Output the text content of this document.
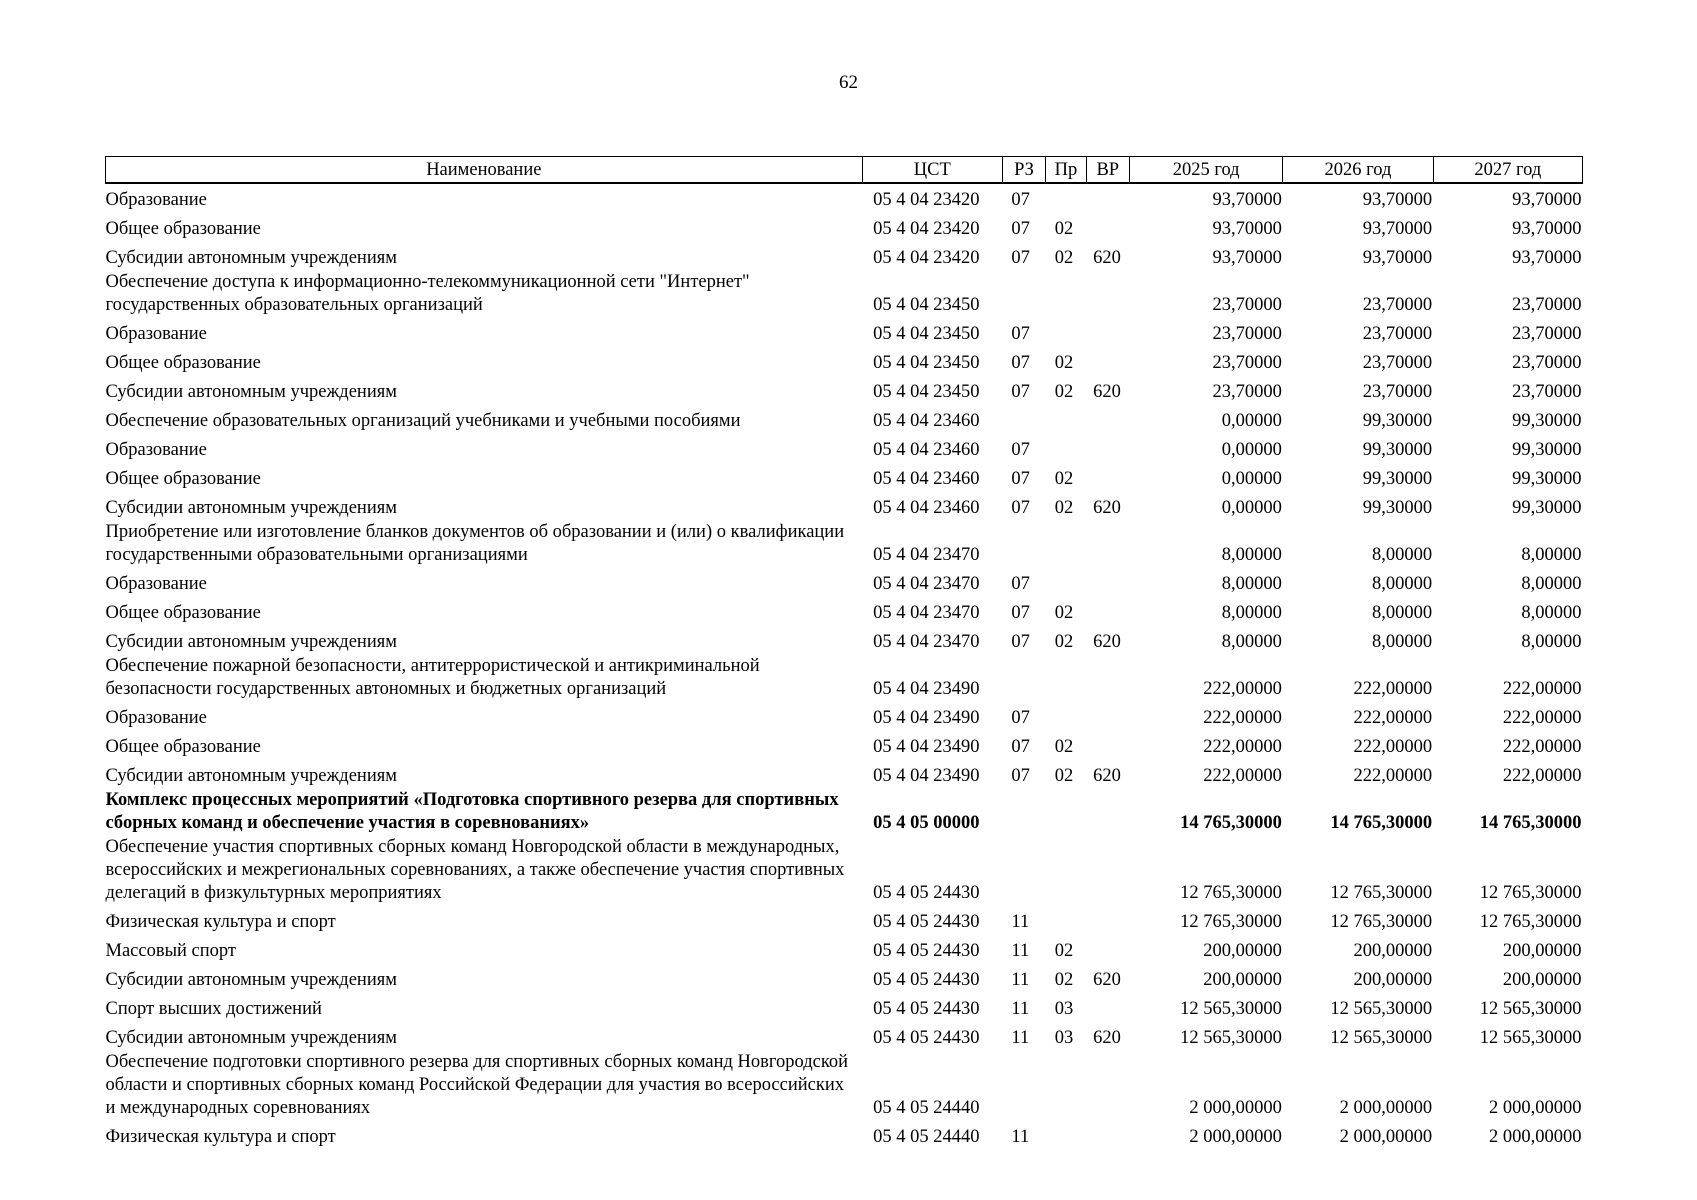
62
Наименование	ЦСТ	РЗ	Пр	ВР	2025 год	2026 год	2027 год
Образование	05 4 04 23420	07			93,70000	93,70000	93,70000
Общее образование	05 4 04 23420	07	02		93,70000	93,70000	93,70000
Субсидии автономным учреждениям	05 4 04 23420	07	02	620	93,70000	93,70000	93,70000
Обеспечение доступа к информационно-телекоммуникационной сети "Интернет" государственных образовательных организаций	05 4 04 23450				23,70000	23,70000	23,70000
Образование	05 4 04 23450	07			23,70000	23,70000	23,70000
Общее образование	05 4 04 23450	07	02		23,70000	23,70000	23,70000
Субсидии автономным учреждениям	05 4 04 23450	07	02	620	23,70000	23,70000	23,70000
Обеспечение образовательных организаций учебниками и учебными пособиями	05 4 04 23460				0,00000	99,30000	99,30000
Образование	05 4 04 23460	07			0,00000	99,30000	99,30000
Общее образование	05 4 04 23460	07	02		0,00000	99,30000	99,30000
Субсидии автономным учреждениям	05 4 04 23460	07	02	620	0,00000	99,30000	99,30000
Приобретение или изготовление бланков документов об образовании и (или) о квалификации государственными образовательными организациями	05 4 04 23470				8,00000	8,00000	8,00000
Образование	05 4 04 23470	07			8,00000	8,00000	8,00000
Общее образование	05 4 04 23470	07	02		8,00000	8,00000	8,00000
Субсидии автономным учреждениям	05 4 04 23470	07	02	620	8,00000	8,00000	8,00000
Обеспечение пожарной безопасности, антитеррористической и антикриминальной безопасности государственных автономных и бюджетных организаций	05 4 04 23490				222,00000	222,00000	222,00000
Образование	05 4 04 23490	07			222,00000	222,00000	222,00000
Общее образование	05 4 04 23490	07	02		222,00000	222,00000	222,00000
Субсидии автономным учреждениям	05 4 04 23490	07	02	620	222,00000	222,00000	222,00000
Комплекс процессных мероприятий «Подготовка спортивного резерва для спортивных сборных команд и обеспечение участия в соревнованиях»	05 4 05 00000				14 765,30000	14 765,30000	14 765,30000
Обеспечение участия спортивных сборных команд Новгородской области в международных, всероссийских и межрегиональных соревнованиях, а также обеспечение участия спортивных делегаций в физкультурных мероприятиях	05 4 05 24430				12 765,30000	12 765,30000	12 765,30000
Физическая культура и спорт	05 4 05 24430	11			12 765,30000	12 765,30000	12 765,30000
Массовый спорт	05 4 05 24430	11	02		200,00000	200,00000	200,00000
Субсидии автономным учреждениям	05 4 05 24430	11	02	620	200,00000	200,00000	200,00000
Спорт высших достижений	05 4 05 24430	11	03		12 565,30000	12 565,30000	12 565,30000
Субсидии автономным учреждениям	05 4 05 24430	11	03	620	12 565,30000	12 565,30000	12 565,30000
Обеспечение подготовки спортивного резерва для спортивных сборных команд Новгородской области и спортивных сборных команд Российской Федерации для участия во всероссийских и международных соревнованиях	05 4 05 24440				2 000,00000	2 000,00000	2 000,00000
Физическая культура и спорт	05 4 05 24440	11			2 000,00000	2 000,00000	2 000,00000
